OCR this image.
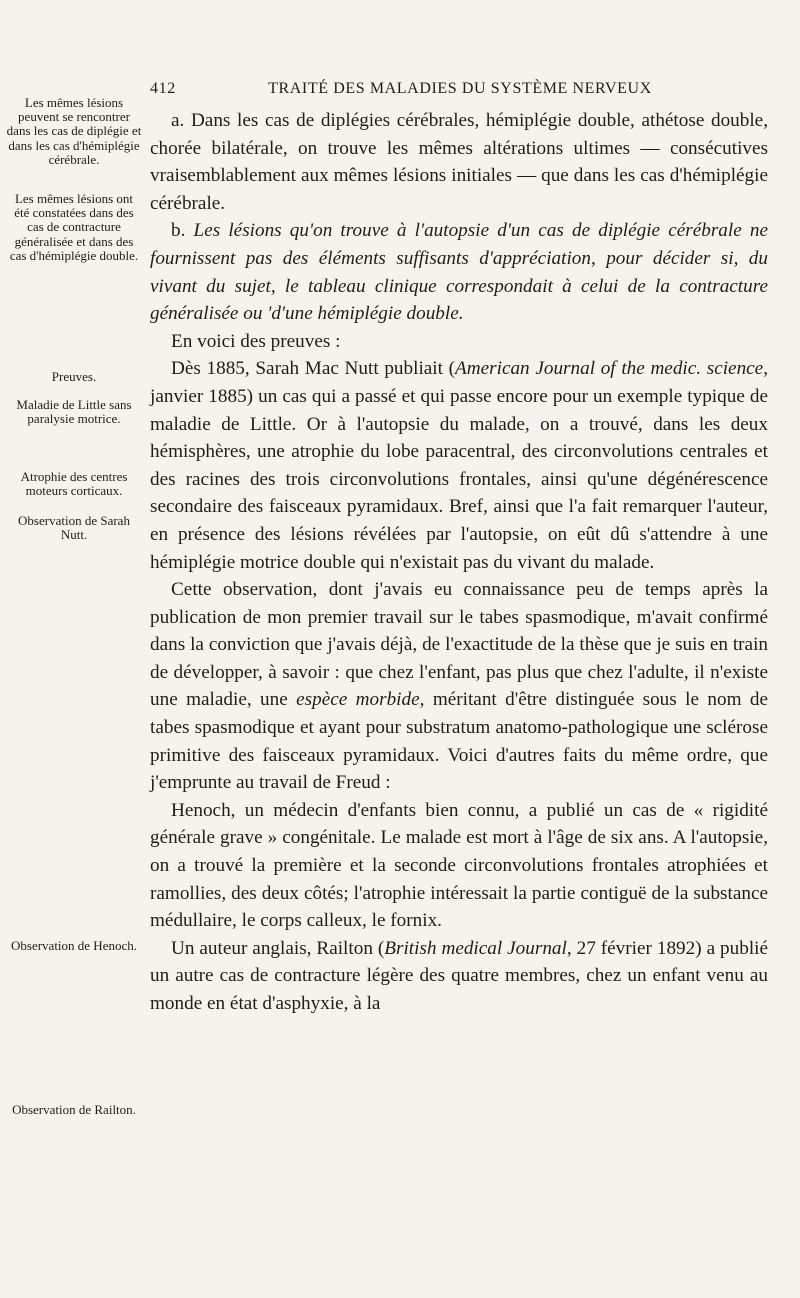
412	TRAITÉ DES MALADIES DU SYSTÈME NERVEUX
Les mêmes lésions peuvent se rencontrer dans les cas de diplégie et dans les cas d'hémiplégie cérébrale.
Les mêmes lésions ont été constatées dans des cas de contracture généralisée et dans des cas d'hémiplégie double.
Preuves.
Maladie de Little sans paralysie motrice.
Atrophie des centres moteurs corticaux.
Observation de Sarah Nutt.
Observation de Henoch.
Observation de Railton.

a. Dans les cas de diplégies cérébrales, hémiplégie double, athétose double, chorée bilatérale, on trouve les mêmes altérations ultimes — consécutives vraisemblablement aux mêmes lésions initiales — que dans les cas d'hémiplégie cérébrale.

b. Les lésions qu'on trouve à l'autopsie d'un cas de diplégie cérébrale ne fournissent pas des éléments suffisants d'appréciation, pour décider si, du vivant du sujet, le tableau clinique correspondait à celui de la contracture généralisée ou 'd'une hémiplégie double.

En voici des preuves :

Dès 1885, Sarah Mac Nutt publiait (American Journal of the medic. science, janvier 1885) un cas qui a passé et qui passe encore pour un exemple typique de maladie de Little. Or à l'autopsie du malade, on a trouvé, dans les deux hémisphères, une atrophie du lobe paracentral, des circonvolutions centrales et des racines des trois circonvolutions frontales, ainsi qu'une dégénérescence secondaire des faisceaux pyramidaux. Bref, ainsi que l'a fait remarquer l'auteur, en présence des lésions révélées par l'autopsie, on eût dû s'attendre à une hémiplégie motrice double qui n'existait pas du vivant du malade.

Cette observation, dont j'avais eu connaissance peu de temps après la publication de mon premier travail sur le tabes spasmodique, m'avait confirmé dans la conviction que j'avais déjà, de l'exactitude de la thèse que je suis en train de développer, à savoir : que chez l'enfant, pas plus que chez l'adulte, il n'existe une maladie, une espèce morbide, méritant d'être distinguée sous le nom de tabes spasmodique et ayant pour substratum anatomo-pathologique une sclérose primitive des faisceaux pyramidaux. Voici d'autres faits du même ordre, que j'emprunte au travail de Freud :

Henoch, un médecin d'enfants bien connu, a publié un cas de « rigidité générale grave » congénitale. Le malade est mort à l'âge de six ans. A l'autopsie, on a trouvé la première et la seconde circonvolutions frontales atrophiées et ramollies, des deux côtés; l'atrophie intéressait la partie contiguë de la substance médullaire, le corps calleux, le fornix.

Un auteur anglais, Railton (British medical Journal, 27 février 1892) a publié un autre cas de contracture légère des quatre membres, chez un enfant venu au monde en état d'asphyxie, à la
